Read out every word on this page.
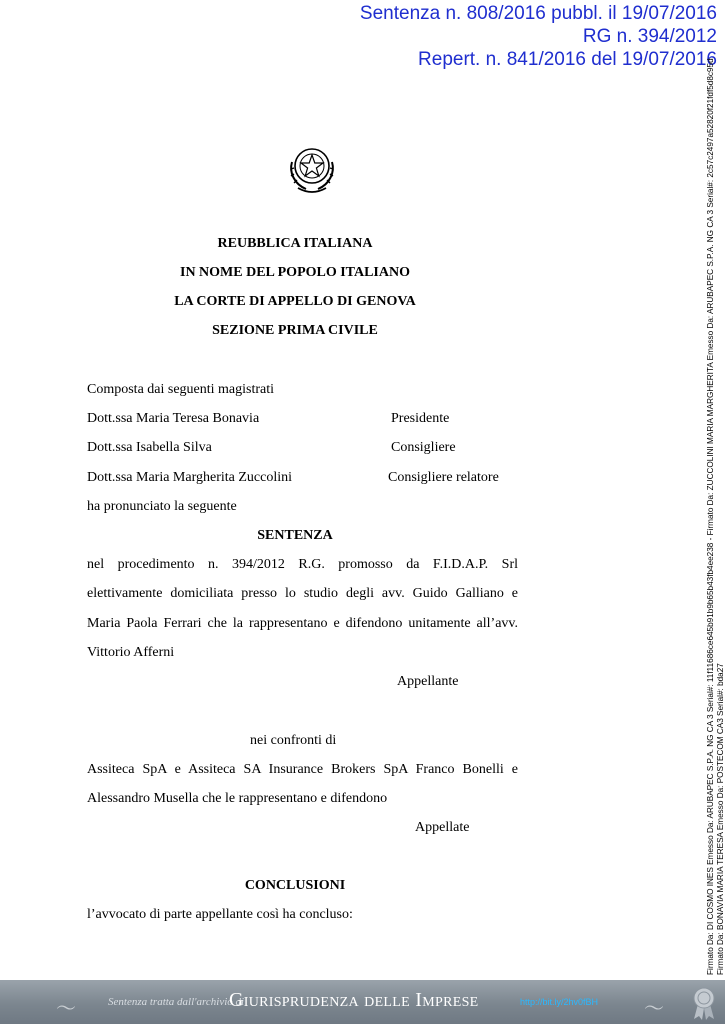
Sentenza n. 808/2016 pubbl. il 19/07/2016
RG n. 394/2012
Repert. n. 841/2016 del 19/07/2016
Firmato Da: DI COSMO INES Emesso Da: ARUBAPEC S.P.A. NG CA 3 Serial#: 11f11686ce645b91b9b65b43fb4ee238 - Firmato Da: ZUCCOLINI MARIA MARGHERITA Emesso Da: ARUBAPEC S.P.A. NG CA 3 Serial#: 2c57c2497a52820f21fdf5d8c95d Firmato Da: BONAVIA MARIA TERESA Emesso Da: POSTECOM CA3 Serial#: bda27
REUBBLICA ITALIANA
IN NOME DEL POPOLO ITALIANO
LA CORTE DI APPELLO DI GENOVA
SEZIONE PRIMA CIVILE
Composta dai seguenti magistrati
Dott.ssa Maria Teresa Bonavia	Presidente
Dott.ssa Isabella Silva	Consigliere
Dott.ssa Maria Margherita Zuccolini	Consigliere relatore
ha pronunciato la seguente
SENTENZA
nel procedimento n. 394/2012 R.G. promosso da F.I.D.A.P. Srl
elettivamente domiciliata presso lo studio degli avv. Guido Galliano e
Maria Paola Ferrari che la rappresentano e difendono unitamente all’avv.
Vittorio Afferni
Appellante
nei confronti di
Assiteca SpA e Assiteca SA Insurance Brokers SpA Franco Bonelli e
Alessandro Musella che le rappresentano e difendono
Appellate
CONCLUSIONI
l’avvocato di parte appellante così ha concluso:
〜	Sentenza tratta dall'archivio di
Giurisprudenza delle Imprese	http://bit.ly/2hv0fBH 〜
